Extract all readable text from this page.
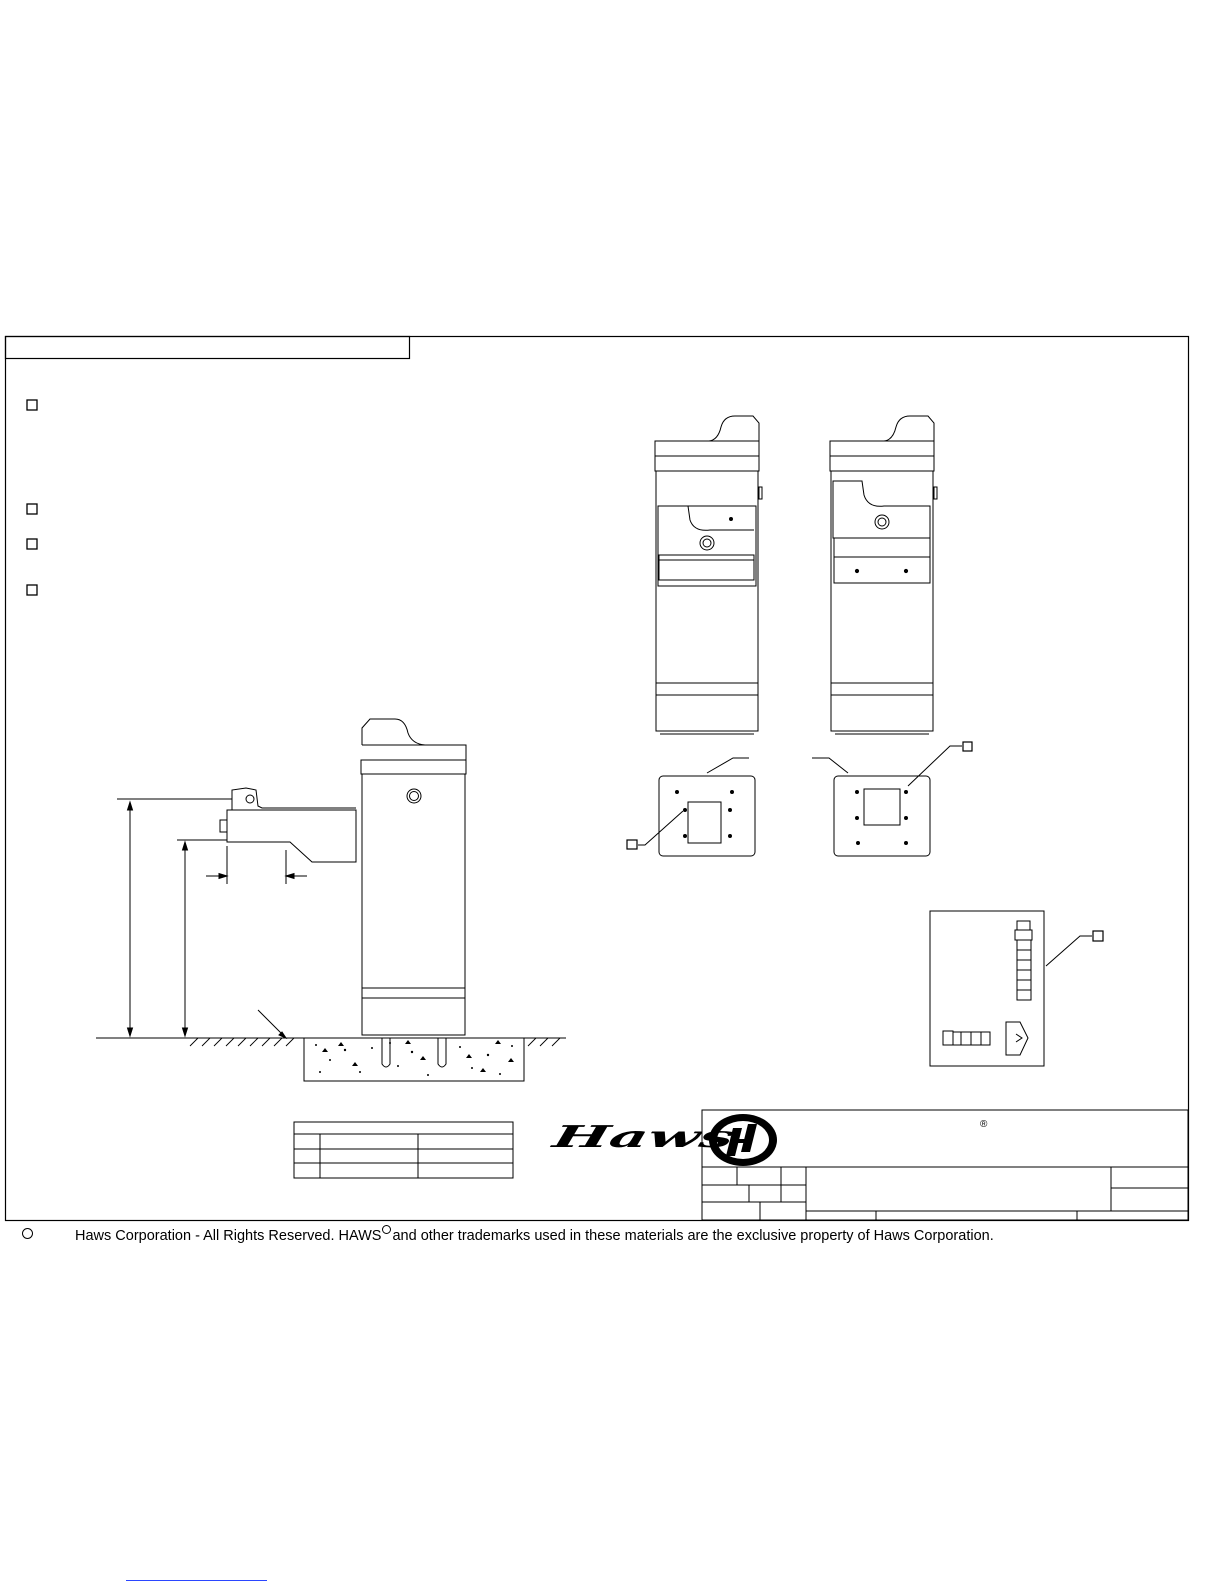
Haws	®
Haws Corporation - All Rights Reserved. HAWS and other trademarks used in these materials are the exclusive property of Haws Corporation.
